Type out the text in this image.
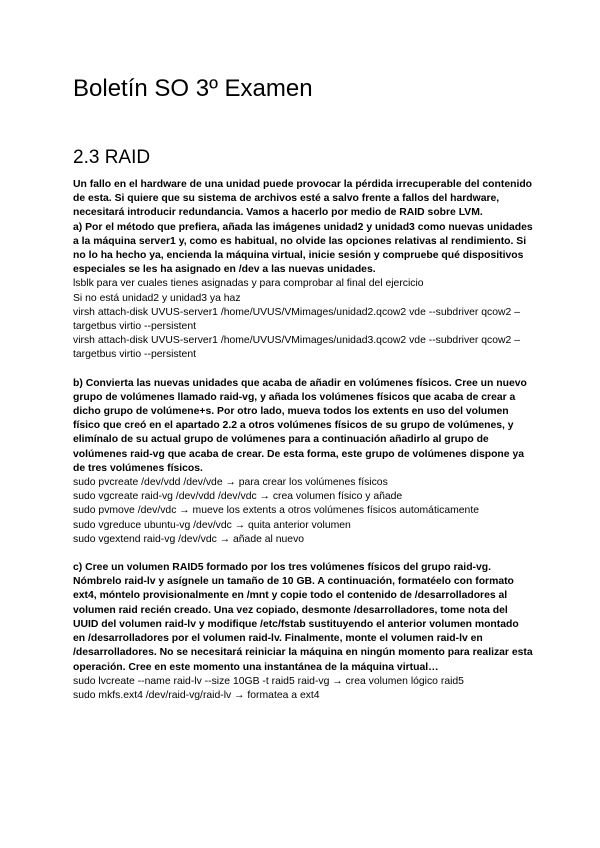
Boletín SO 3º Examen
2.3 RAID

Un fallo en el hardware de una unidad puede provocar la pérdida irrecuperable del contenido de esta. Si quiere que su sistema de archivos esté a salvo frente a fallos del hardware, necesitará introducir redundancia. Vamos a hacerlo por medio de RAID sobre LVM.

a) Por el método que prefiera, añada las imágenes unidad2 y unidad3 como nuevas unidades a la máquina server1 y, como es habitual, no olvide las opciones relativas al rendimiento. Si no lo ha hecho ya, encienda la máquina virtual, inicie sesión y compruebe qué dispositivos especiales se les ha asignado en /dev a las nuevas unidades.

lsblk para ver cuales tienes asignadas y para comprobar al final del ejercicio

Si no está unidad2 y unidad3 ya haz

virsh attach-disk UVUS-server1 /home/UVUS/VMimages/unidad2.qcow2 vde --subdriver qcow2 –targetbus virtio --persistent

virsh attach-disk UVUS-server1 /home/UVUS/VMimages/unidad3.qcow2 vde --subdriver qcow2 –targetbus virtio --persistent

b) Convierta las nuevas unidades que acaba de añadir en volúmenes físicos. Cree un nuevo grupo de volúmenes llamado raid-vg, y añada los volúmenes físicos que acaba de crear a dicho grupo de volúmene+s. Por otro lado, mueva todos los extents en uso del volumen físico que creó en el apartado 2.2 a otros volúmenes físicos de su grupo de volúmenes, y elimínalo de su actual grupo de volúmenes para a continuación añadirlo al grupo de volúmenes raid-vg que acaba de crear. De esta forma, este grupo de volúmenes dispone ya de tres volúmenes físicos.

sudo pvcreate /dev/vdd /dev/vde → para crear los volúmenes físicos

sudo vgcreate raid-vg /dev/vdd /dev/vdc → crea volumen físico y añade

sudo pvmove /dev/vdc → mueve los extents a otros volúmenes físicos automáticamente

sudo vgreduce ubuntu-vg /dev/vdc → quita anterior volumen

sudo vgextend raid-vg /dev/vdc → añade al nuevo

c) Cree un volumen RAID5 formado por los tres volúmenes físicos del grupo raid-vg. Nómbrelo raid-lv y asígnele un tamaño de 10 GB. A continuación, formatéelo con formato ext4, móntelo provisionalmente en /mnt y copie todo el contenido de /desarrolladores al volumen raid recién creado. Una vez copiado, desmonte /desarrolladores, tome nota del UUID del volumen raid-lv y modifique /etc/fstab sustituyendo el anterior volumen montado en /desarrolladores por el volumen raid-lv. Finalmente, monte el volumen raid-lv en /desarrolladores. No se necesitará reiniciar la máquina en ningún momento para realizar esta operación. Cree en este momento una instantánea de la máquina virtual…

sudo lvcreate --name raid-lv --size 10GB -t raid5 raid-vg → crea volumen lógico raid5

sudo mkfs.ext4 /dev/raid-vg/raid-lv → formatea a ext4
